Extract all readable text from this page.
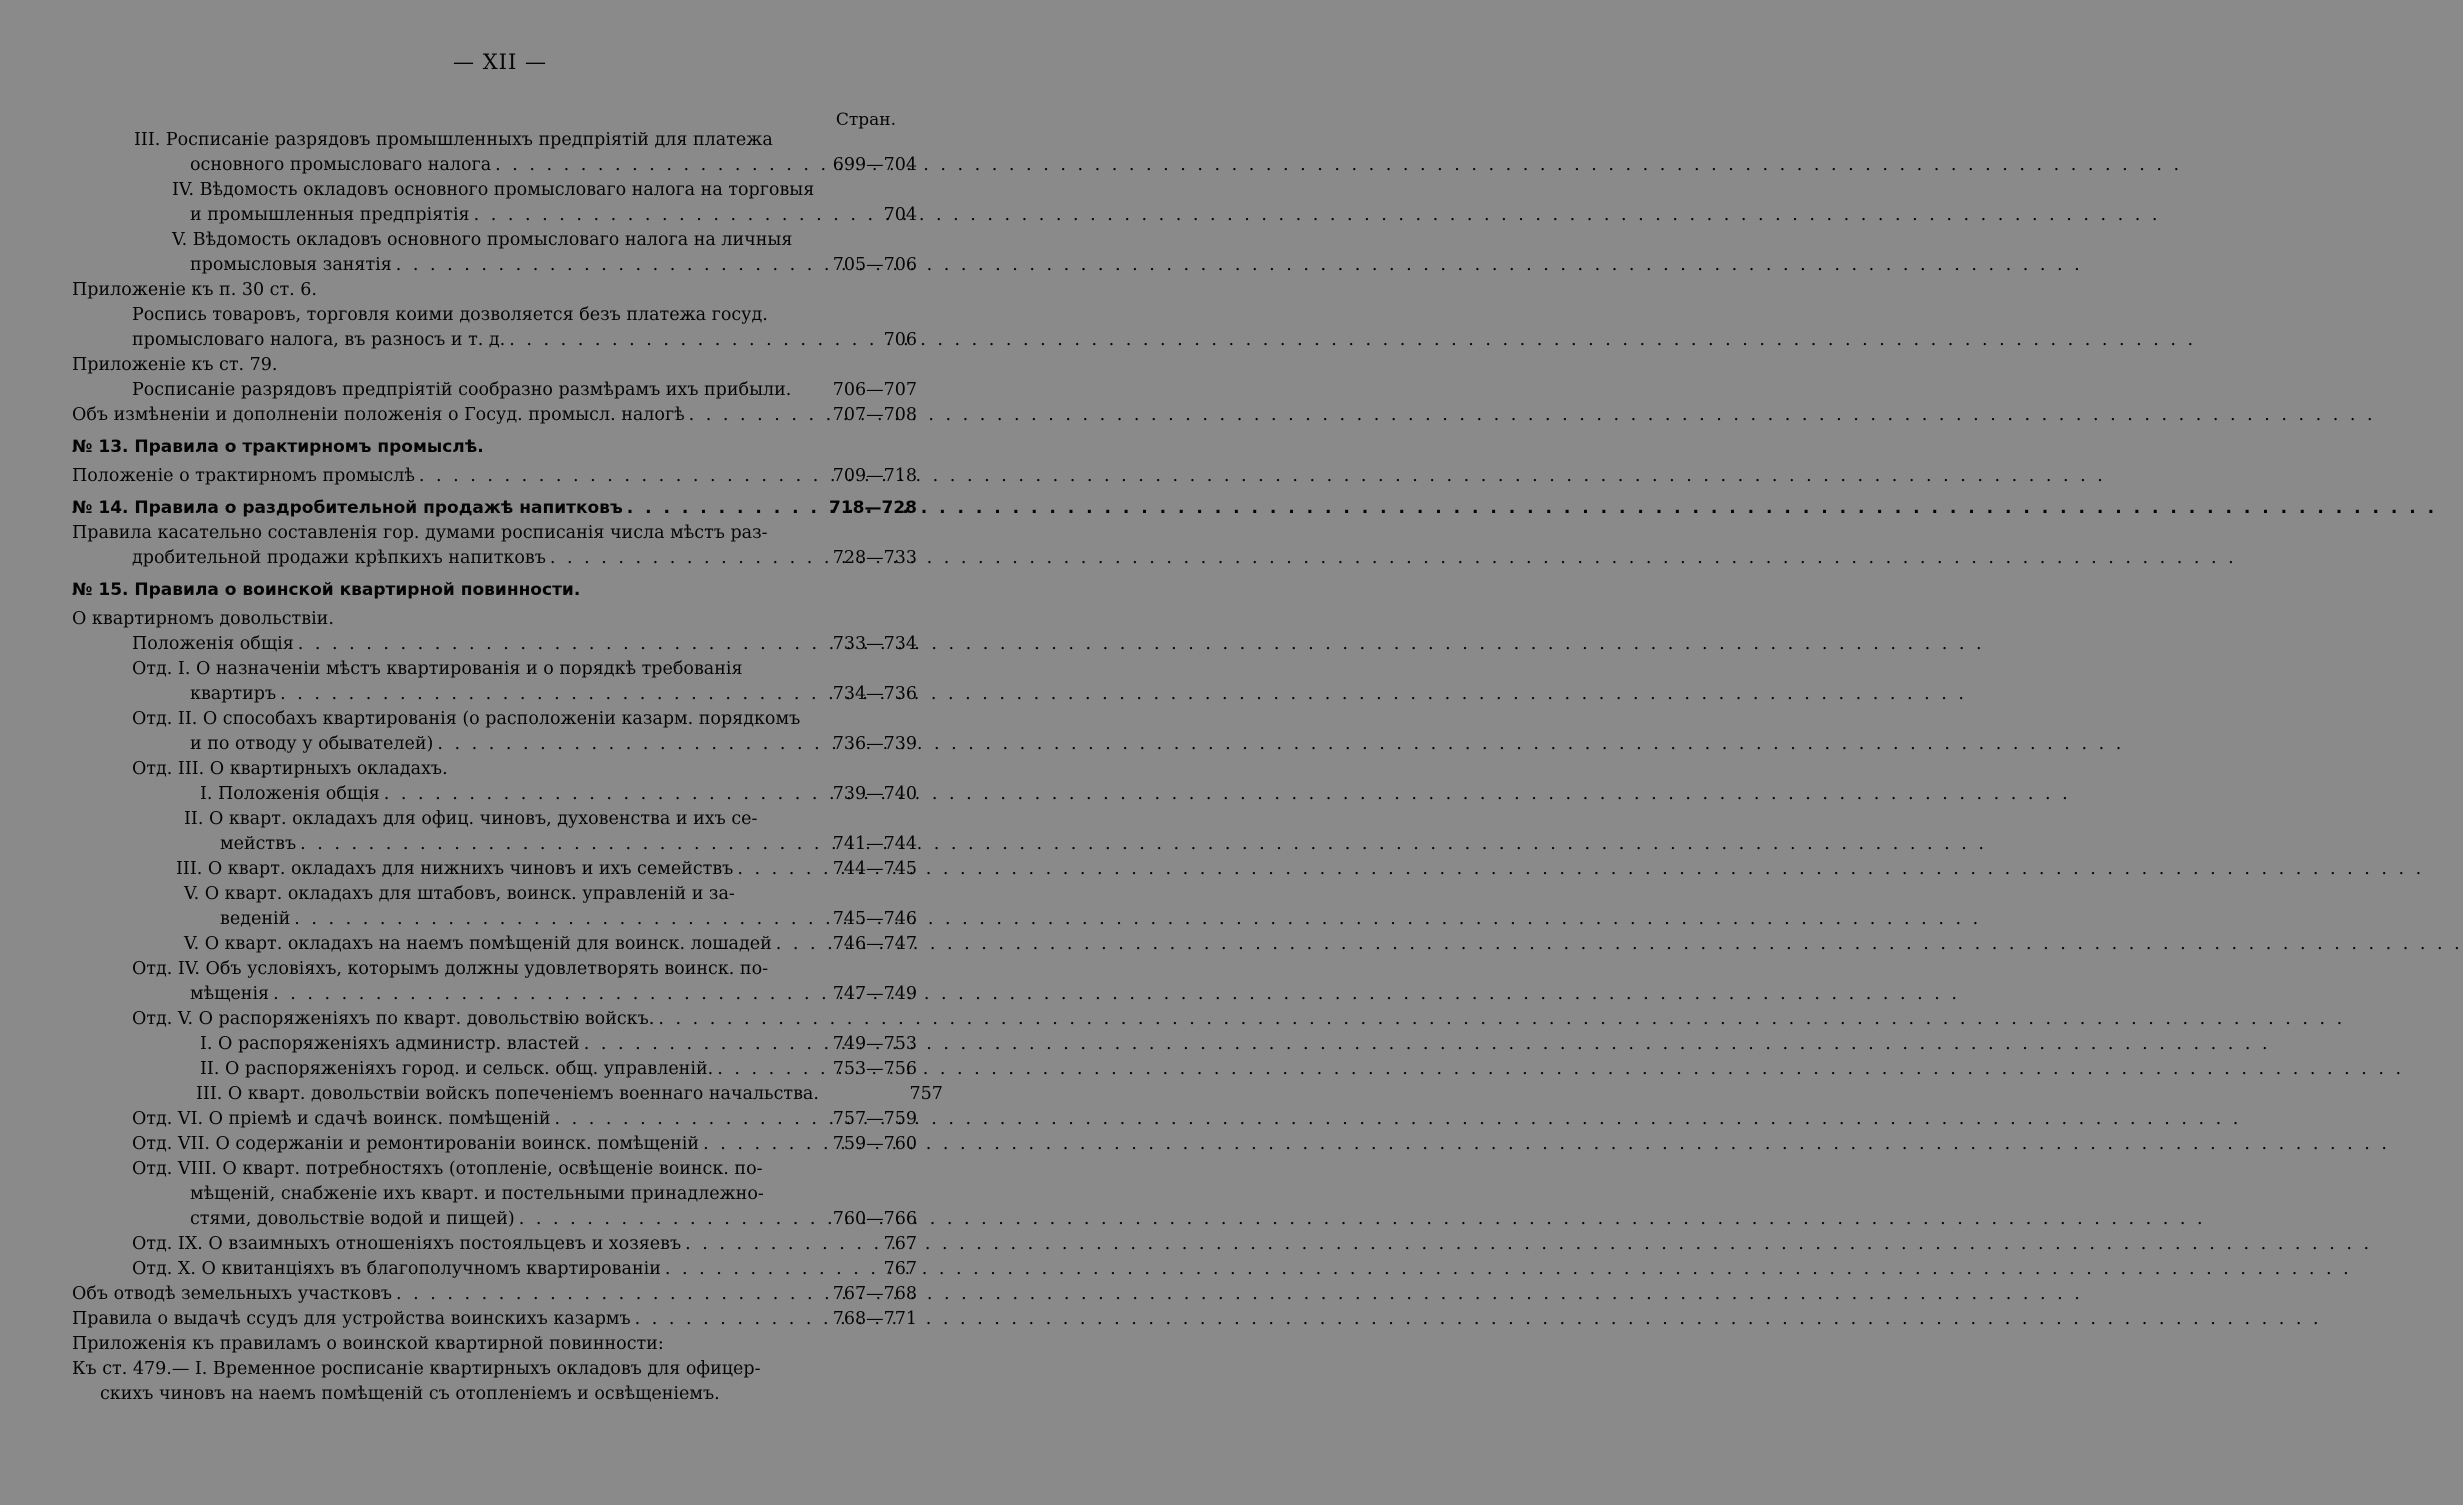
— XII —
Стран.
III. Росписаніе разрядовъ промышленныхъ предпріятій для платежа
основного промысловаго налога . . .	699—704
IV. Вѣдомость окладовъ основного промысловаго налога на торговыя
и промышленныя предпріятія . . .	704
V. Вѣдомость окладовъ основного промысловаго налога на личныя
промысловыя занятія . . .	705—706
Приложеніе къ п. 30 ст. 6.
Роспись товаровъ, торговля коими дозволяется безъ платежа госуд.
промысловаго налога, въ разносъ и т. д. . . .	706
Приложеніе къ ст. 79.
Росписаніе разрядовъ предпріятій сообразно размѣрамъ ихъ прибыли.	706—707
Объ измѣненіи и дополненіи положенія о Госуд. промысл. налогѣ . . .	707—708
№ 13. Правила о трактирномъ промыслѣ.
Положеніе о трактирномъ промыслѣ . . .	709—718
№ 14. Правила о раздробительной продажѣ напитковъ . . .	718—728
Правила касательно составленія гор. думами росписанія числа мѣстъ раз-
дробительной продажи крѣпкихъ напитковъ . . .	728—733
№ 15. Правила о воинской квартирной повинности.
О квартирномъ довольствіи.
Положенія общія . . .	733—734
Отд. I. О назначеніи мѣстъ квартированія и о порядкѣ требованія
квартиръ . . .	734—736
Отд. II. О способахъ квартированія (о расположеніи казарм. порядкомъ
и по отводу у обывателей) . . .	736—739
Отд. III. О квартирныхъ окладахъ.
I. Положенія общія . . .	739—740
II. О кварт. окладахъ для офиц. чиновъ, духовенства и ихъ се-
мействъ . . .	741—744
III. О кварт. окладахъ для нижнихъ чиновъ и ихъ семействъ . . .	744—745
V. О кварт. окладахъ для штабовъ, воинск. управленій и за-
веденій . . .	745—746
V. О кварт. окладахъ на наемъ помѣщеній для воинск. лошадей . . .	746—747
Отд. IV. Объ условіяхъ, которымъ должны удовлетворять воинск. по-
мѣщенія . . .	747—749
Отд. V. О распоряженіяхъ по кварт. довольствію войскъ.
. . .
I. О распоряженіяхъ администр. властей . . .	749—753
II. О распоряженіяхъ город. и сельск. общ. управленій. . . .	753—756
III. О кварт. довольствіи войскъ попеченіемъ военнаго начальства.	757
Отд. VI. О пріемѣ и сдачѣ воинск. помѣщеній . . .	757—759
Отд. VII. О содержаніи и ремонтированіи воинск. помѣщеній . . .	759—760
Отд. VIII. О кварт. потребностяхъ (отопленіе, освѣщеніе воинск. по-
мѣщеній, снабженіе ихъ кварт. и постельными принадлежно-
стями, довольствіе водой и пищей) . . .	760—766
Отд. IX. О взаимныхъ отношеніяхъ постояльцевъ и хозяевъ . . .	767
Отд. X. О квитанціяхъ въ благополучномъ квартированіи . . .	767
Объ отводѣ земельныхъ участковъ . . .	767—768
Правила о выдачѣ ссудъ для устройства воинскихъ казармъ . . .	768—771
Приложенія къ правиламъ о воинской квартирной повинности:
Къ ст. 479.— I. Временное росписаніе квартирныхъ окладовъ для офицер-
скихъ чиновъ на наемъ помѣщеній съ отопленіемъ и освѣщеніемъ.
